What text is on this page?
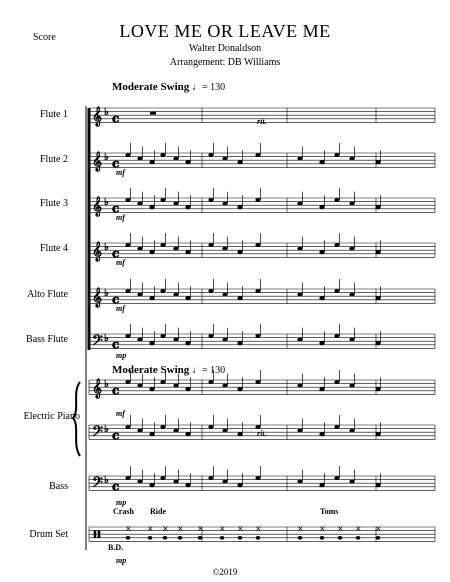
Score	LOVE ME OR LEAVE ME
Walter Donaldson
Arrangement: DB Williams
Moderate Swing ♩= 130
Moderate Swing ♩= 130
Flute 1
Flute 2
Flute 3
Flute 4
Alto Flute
Bass Flute
Electric Piano
Bass
Drum Set
𝄞 ♭ c
𝄞 ♭ c
𝄞 ♭ c
𝄞 ♭ c
𝄞 ♭ c
𝄢 ♭ c
𝄞 ♭ c
𝄢 ♭ c
𝄢 ♭ c
× × × × × × × ×	× × × × ×
mf
mf
mf
mf
mp
mf
mp
mp
rit.
rit.
Crash Ride	Toms
B.D.
©2019
